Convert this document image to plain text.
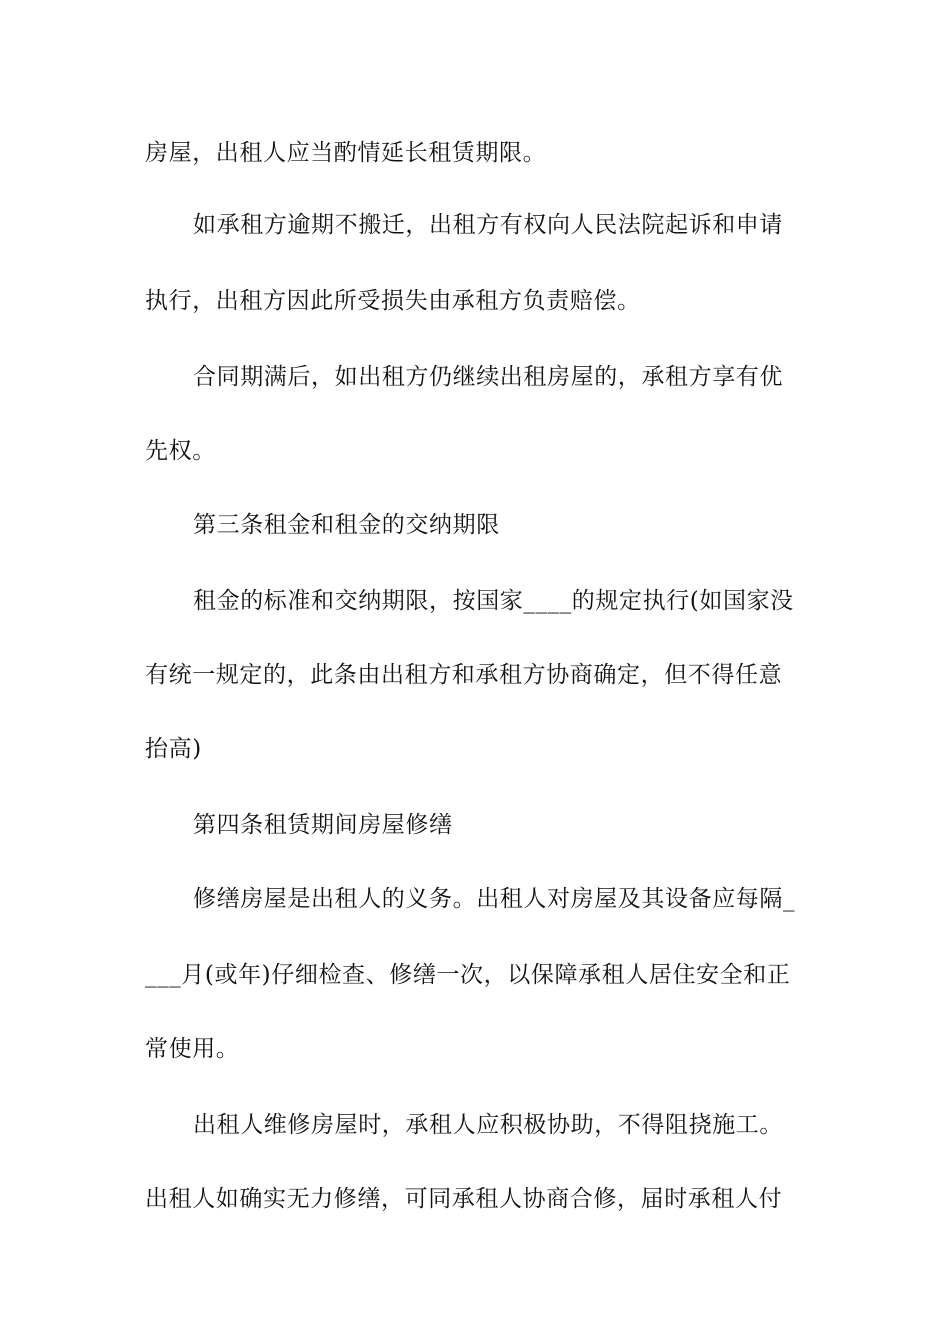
房屋，出租人应当酌情延长租赁期限。
如承租方逾期不搬迁，出租方有权向人民法院起诉和申请
执行，出租方因此所受损失由承租方负责赔偿。
合同期满后，如出租方仍继续出租房屋的，承租方享有优
先权。
第三条租金和租金的交纳期限
租金的标准和交纳期限，按国家____的规定执行(如国家没
有统一规定的，此条由出租方和承租方协商确定，但不得任意
抬高)
第四条租赁期间房屋修缮
修缮房屋是出租人的义务。出租人对房屋及其设备应每隔_
___月(或年)仔细检查、修缮一次，以保障承租人居住安全和正
常使用。
出租人维修房屋时，承租人应积极协助，不得阻挠施工。
出租人如确实无力修缮，可同承租人协商合修，届时承租人付
